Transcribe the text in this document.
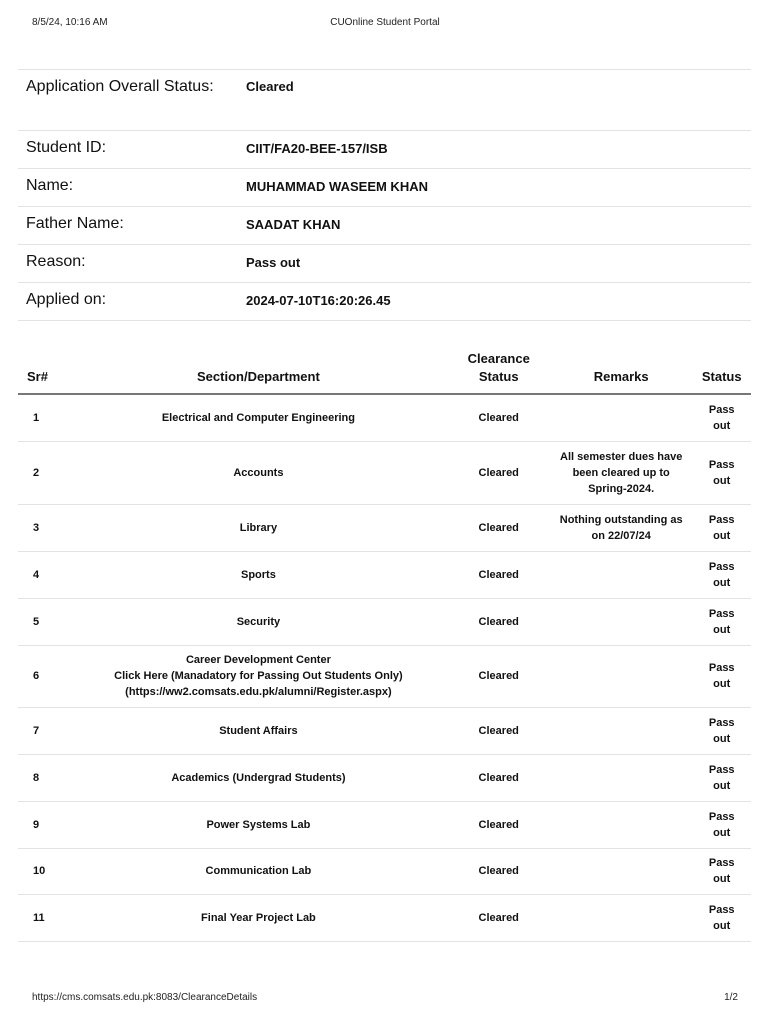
8/5/24, 10:16 AM	CUOnline Student Portal
Application Overall Status:	Cleared
Student ID:	CIIT/FA20-BEE-157/ISB
Name:	MUHAMMAD WASEEM KHAN
Father Name:	SAADAT KHAN
Reason:	Pass out
Applied on:	2024-07-10T16:20:26.45
Sr#	Section/Department	Clearance Status	Remarks	Status
1	Electrical and Computer Engineering	Cleared		Pass out
2	Accounts	Cleared	All semester dues have been cleared up to Spring-2024.	Pass out
3	Library	Cleared	Nothing outstanding as on 22/07/24	Pass out
4	Sports	Cleared		Pass out
5	Security	Cleared		Pass out
6	Career Development Center
Click Here (Manadatory for Passing Out Students Only)
(https://ww2.comsats.edu.pk/alumni/Register.aspx)	Cleared		Pass out
7	Student Affairs	Cleared		Pass out
8	Academics (Undergrad Students)	Cleared		Pass out
9	Power Systems Lab	Cleared		Pass out
10	Communication Lab	Cleared		Pass out
11	Final Year Project Lab	Cleared		Pass out
https://cms.comsats.edu.pk:8083/ClearanceDetails	1/2
